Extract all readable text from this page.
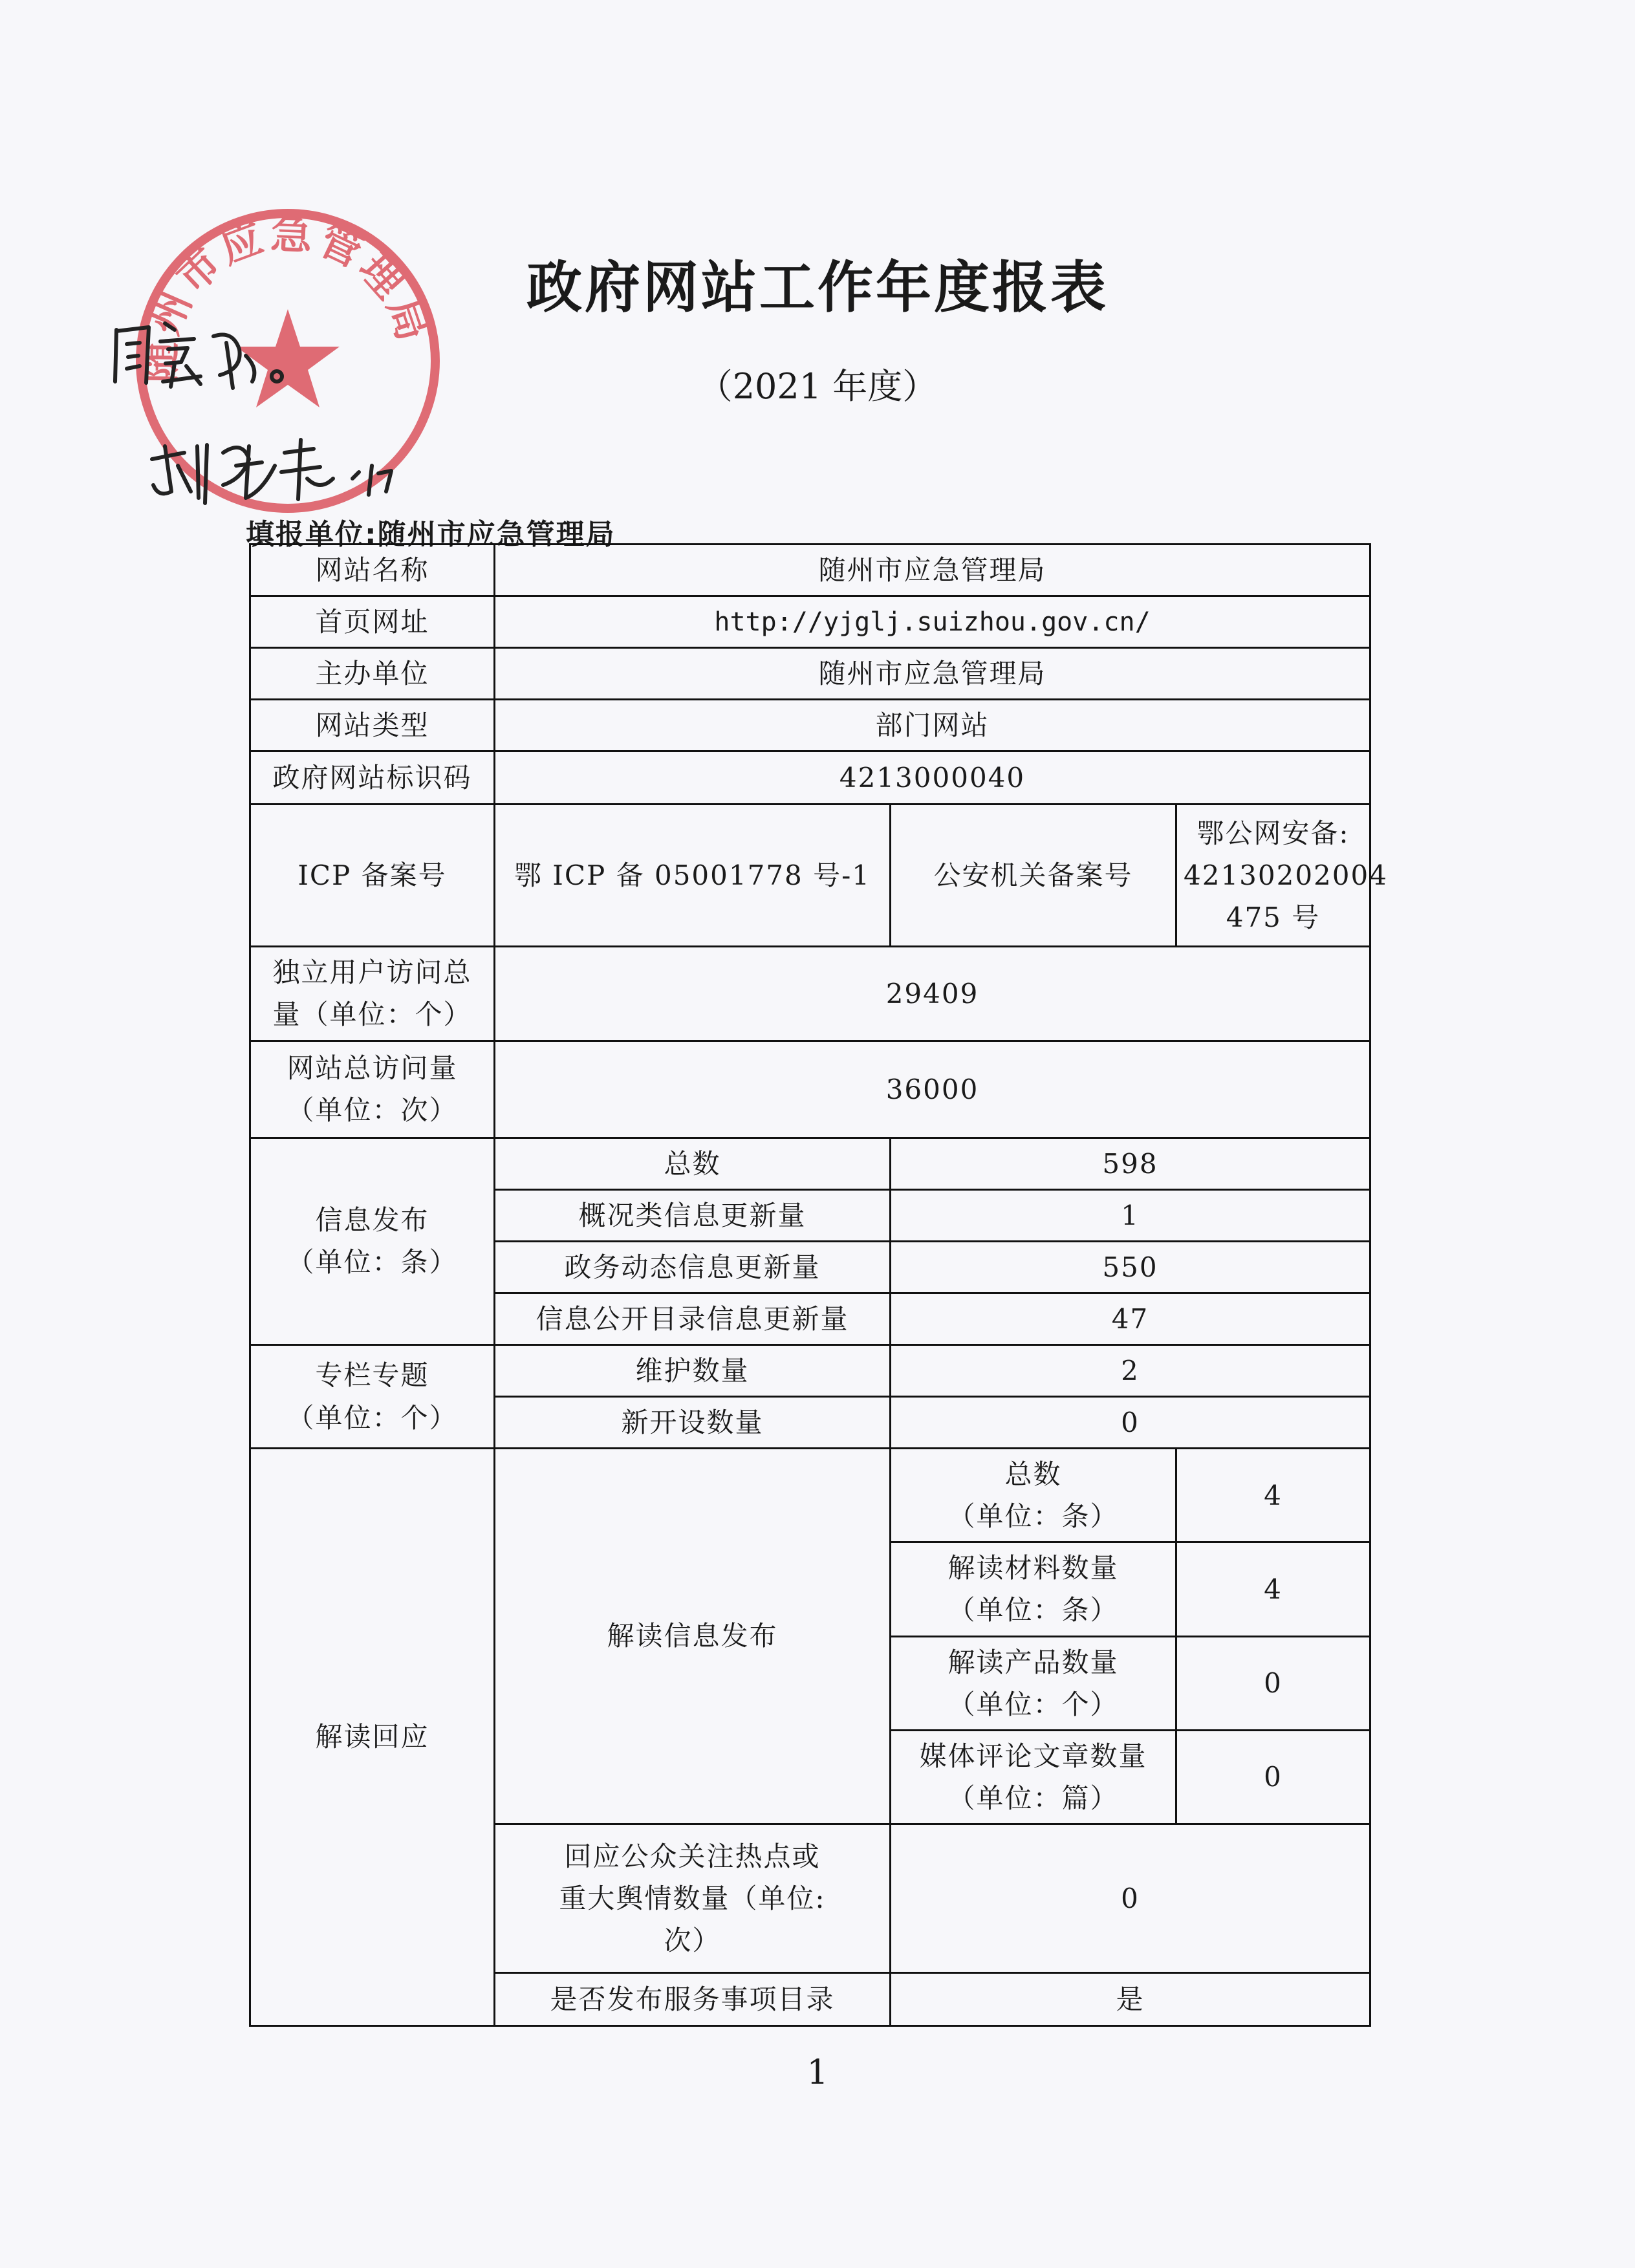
政府网站工作年度报表
（2021 年度）
填报单位:随州市应急管理局
网站名称	随州市应急管理局		
首页网址	http://yjglj.suizhou.gov.cn/		
主办单位	随州市应急管理局		
网站类型	部门网站		
政府网站标识码	4213000040		
ICP 备案号	鄂 ICP 备 05001778 号-1	公安机关备案号	鄂公网安备:
42130202004
475 号

独立用户访问总
量（单位：个）	29409		

网站总访问量
（单位：次）	36000		

信息发布
（单位：条）	总数	598	
	概况类信息更新量	1	
	政务动态信息更新量	550	
	信息公开目录信息更新量	47	

专栏专题
（单位：个）	维护数量	2	
	新开设数量	0	
解读回应	解读信息发布	总数
（单位：条）	4

		解读材料数量
（单位：条）	4

		解读产品数量
（单位：个）	0

		媒体评论文章数量
（单位：篇）	0

	回应公众关注热点或
重大舆情数量（单位:
次）	0	
	是否发布服务事项目录	是	
1
随州市应急管理局
